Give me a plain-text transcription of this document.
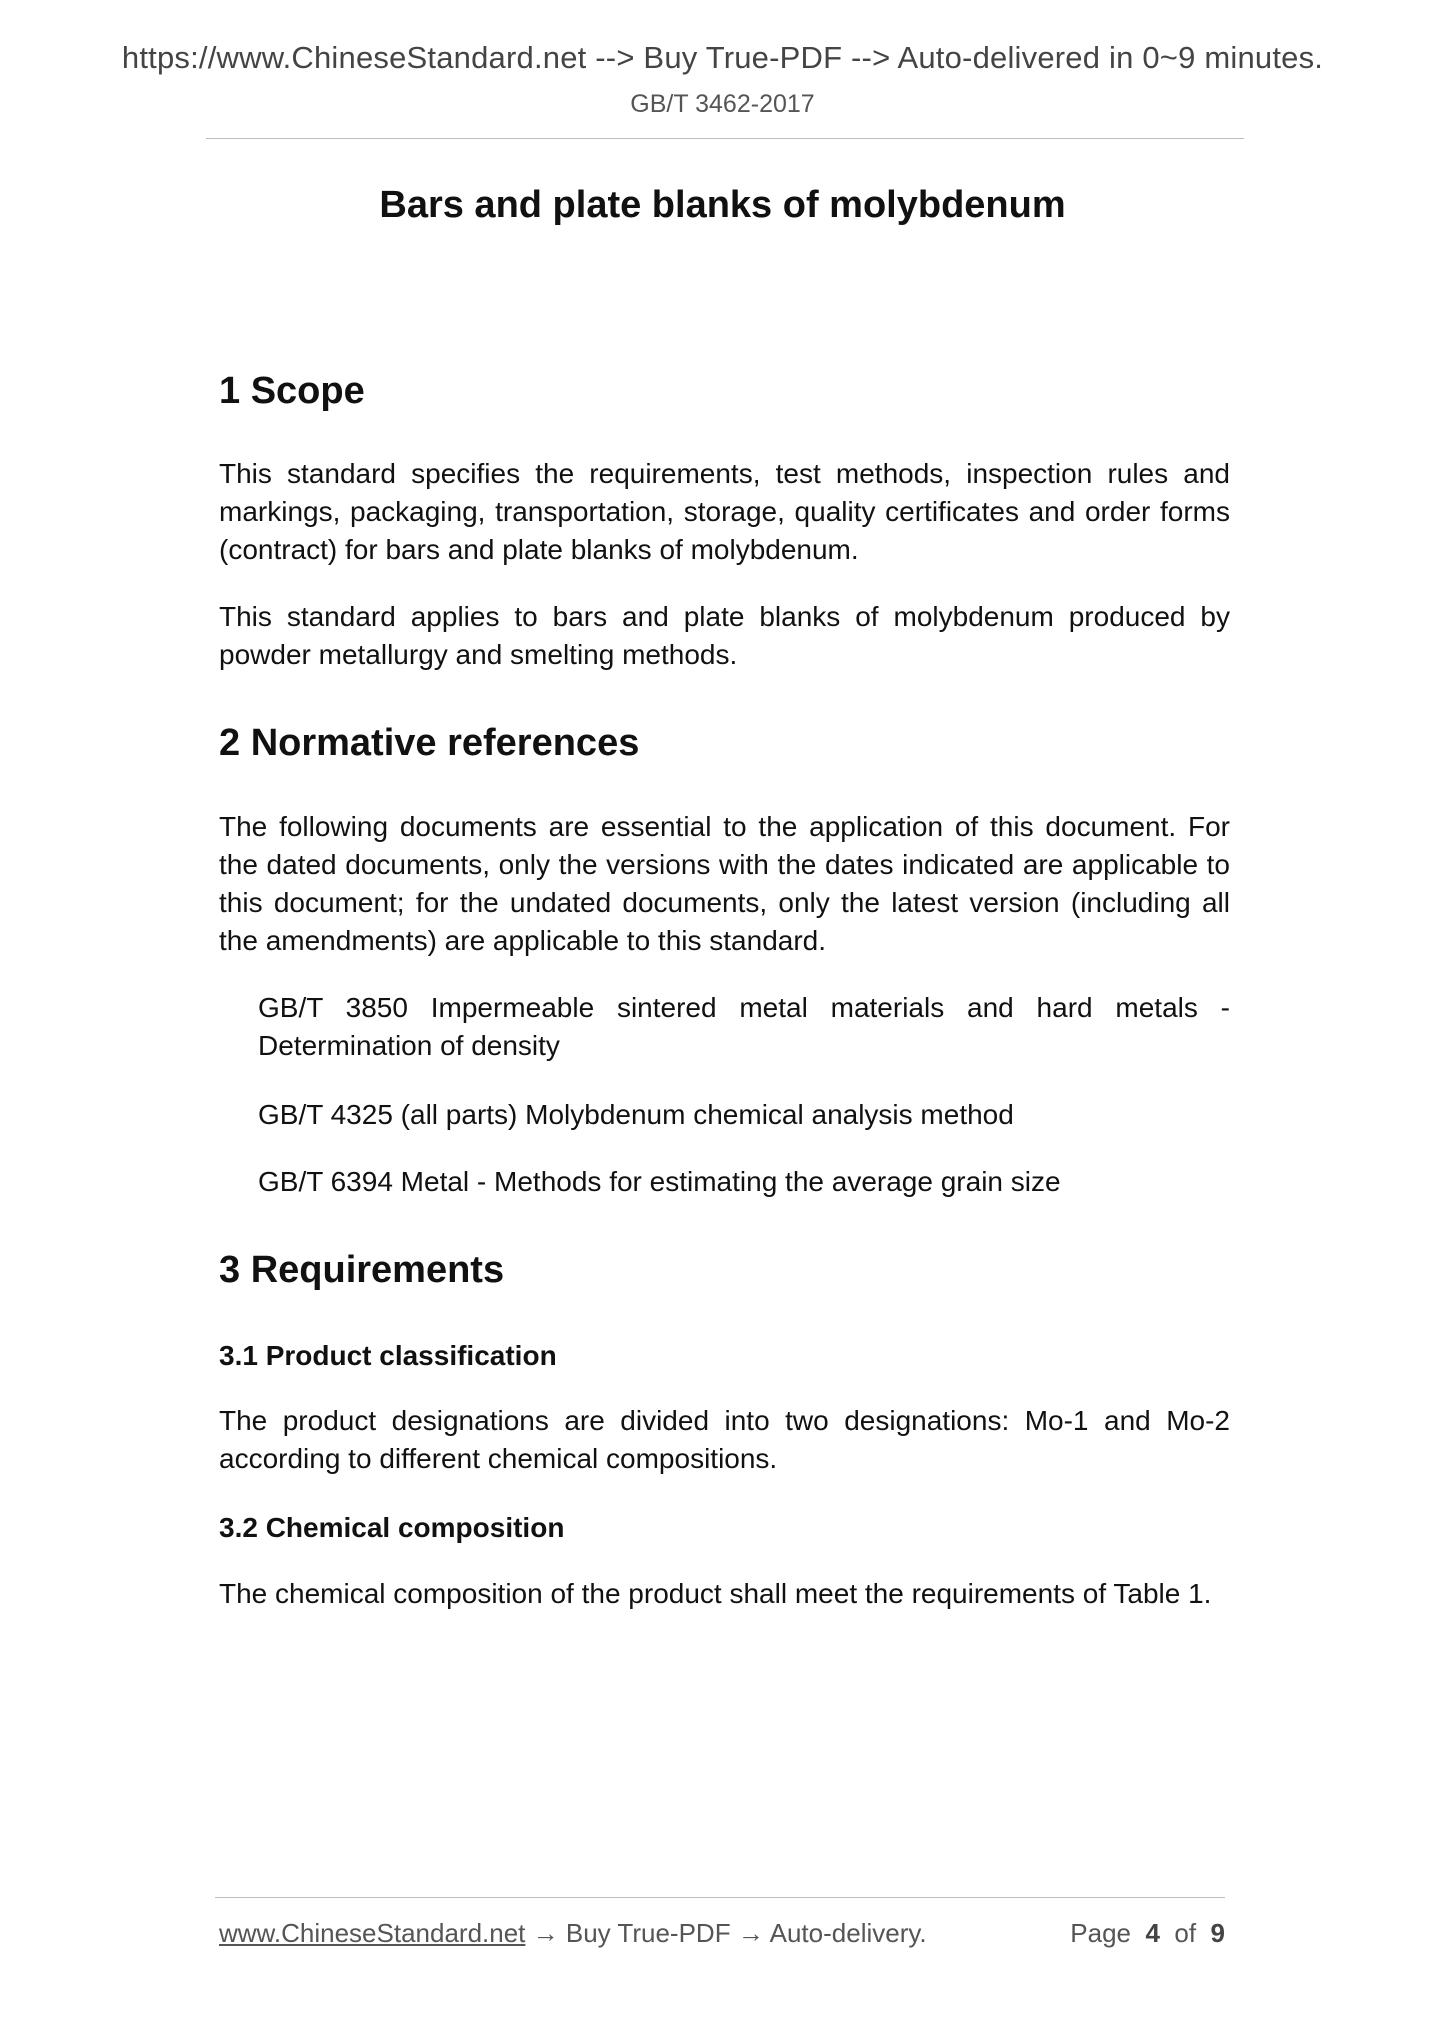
https://www.ChineseStandard.net --> Buy True-PDF --> Auto-delivered in 0~9 minutes.
GB/T 3462-2017
Bars and plate blanks of molybdenum
1 Scope
This standard specifies the requirements, test methods, inspection rules and markings, packaging, transportation, storage, quality certificates and order forms (contract) for bars and plate blanks of molybdenum.
This standard applies to bars and plate blanks of molybdenum produced by powder metallurgy and smelting methods.
2 Normative references
The following documents are essential to the application of this document. For the dated documents, only the versions with the dates indicated are applicable to this document; for the undated documents, only the latest version (including all the amendments) are applicable to this standard.
GB/T 3850 Impermeable sintered metal materials and hard metals - Determination of density
GB/T 4325 (all parts) Molybdenum chemical analysis method
GB/T 6394 Metal - Methods for estimating the average grain size
3 Requirements
3.1 Product classification
The product designations are divided into two designations: Mo-1 and Mo-2 according to different chemical compositions.
3.2 Chemical composition
The chemical composition of the product shall meet the requirements of Table 1.
www.ChineseStandard.net → Buy True-PDF → Auto-delivery.	Page 4 of 9
